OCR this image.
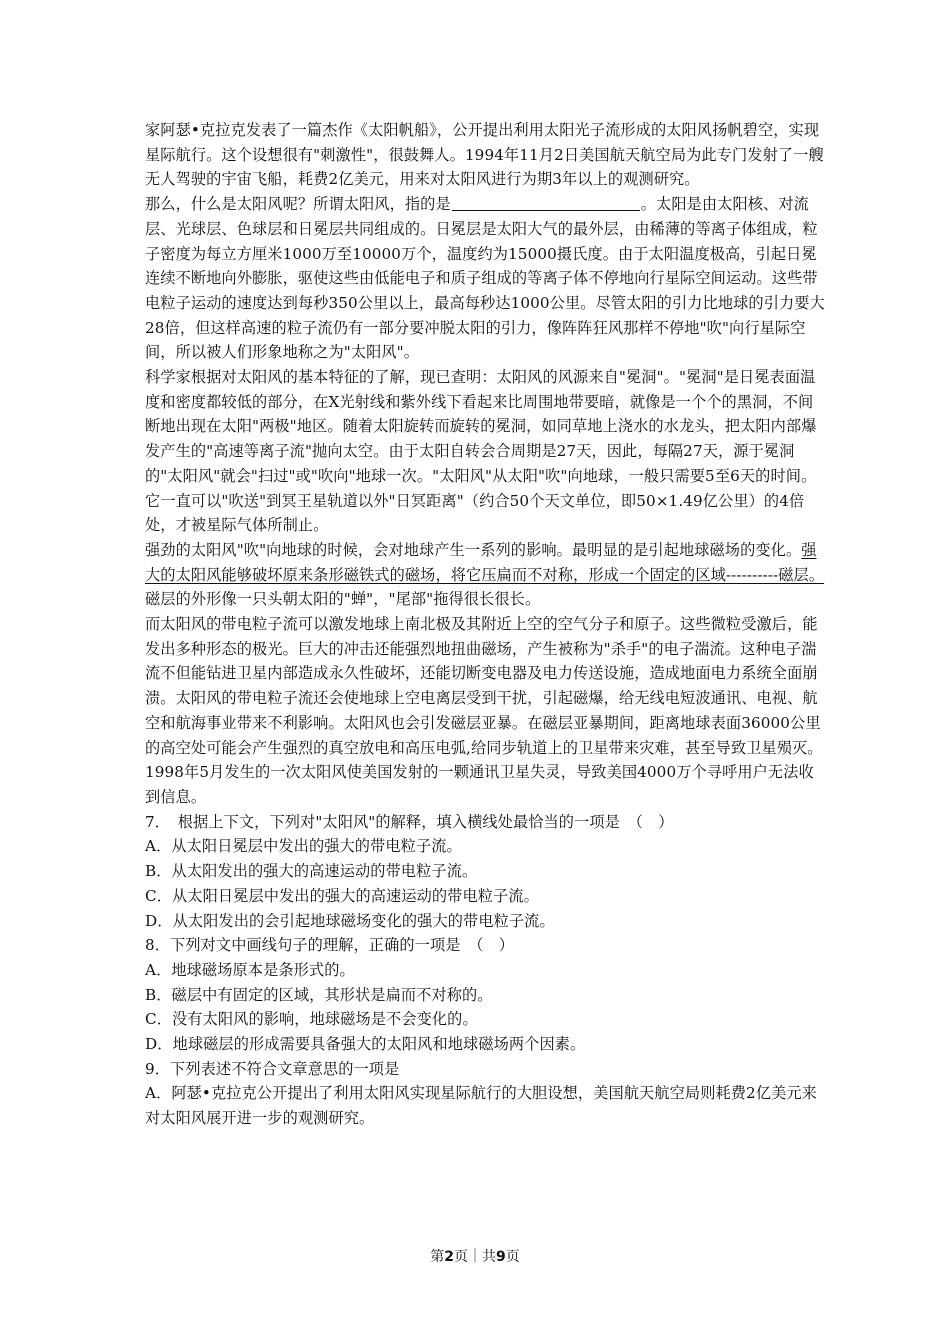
家阿瑟•克拉克发表了一篇杰作《太阳帆船》，公开提出利用太阳光子流形成的太阳风扬帆碧空，实现星际航行。这个设想很有"刺激性"，很鼓舞人。1994年11月2日美国航天航空局为此专门发射了一艘无人驾驶的宇宙飞船，耗费2亿美元，用来对太阳风进行为期3年以上的观测研究。

那么，什么是太阳风呢？所谓太阳风，指的是	。太阳是由太阳核、对流层、光球层、色球层和日冕层共同组成的。日冕层是太阳大气的最外层，由稀薄的等离子体组成，粒子密度为每立方厘米1000万至10000万个，温度约为15000摄氏度。由于太阳温度极高，引起日冕连续不断地向外膨胀，驱使这些由低能电子和质子组成的等离子体不停地向行星际空间运动。这些带电粒子运动的速度达到每秒350公里以上，最高每秒达1000公里。尽管太阳的引力比地球的引力要大28倍，但这样高速的粒子流仍有一部分要冲脱太阳的引力，像阵阵狂风那样不停地"吹"向行星际空间，所以被人们形象地称之为"太阳风"。

科学家根据对太阳风的基本特征的了解，现已查明：太阳风的风源来自"冕洞"。"冕洞"是日冕表面温度和密度都较低的部分，在X光射线和紫外线下看起来比周围地带要暗，就像是一个个的黑洞，不间断地出现在太阳"两极"地区。随着太阳旋转而旋转的冕洞，如同草地上浇水的水龙头，把太阳内部爆发产生的"高速等离子流"抛向太空。由于太阳自转会合周期是27天，因此，每隔27天，源于冕洞的"太阳风"就会"扫过"或"吹向"地球一次。"太阳风"从太阳"吹"向地球，一般只需要5至6天的时间。它一直可以"吹送"到冥王星轨道以外"日冥距离"（约合50个天文单位，即50×1.49亿公里）的4倍处，才被星际气体所制止。

强劲的太阳风"吹"向地球的时候，会对地球产生一系列的影响。最明显的是引起地球磁场的变化。强大的太阳风能够破坏原来条形磁铁式的磁场，将它压扁而不对称，形成一个固定的区域----------磁层。磁层的外形像一只头朝太阳的"蝉"，"尾部"拖得很长很长。

而太阳风的带电粒子流可以激发地球上南北极及其附近上空的空气分子和原子。这些微粒受激后，能发出多种形态的极光。巨大的冲击还能强烈地扭曲磁场，产生被称为"杀手"的电子湍流。这种电子湍流不但能钻进卫星内部造成永久性破坏，还能切断变电器及电力传送设施，造成地面电力系统全面崩溃。太阳风的带电粒子流还会使地球上空电离层受到干扰，引起磁爆，给无线电短波通讯、电视、航空和航海事业带来不利影响。太阳风也会引发磁层亚暴。在磁层亚暴期间，距离地球表面36000公里的高空处可能会产生强烈的真空放电和高压电弧,给同步轨道上的卫星带来灾难，甚至导致卫星殒灭。1998年5月发生的一次太阳风使美国发射的一颗通讯卫星失灵，导致美国4000万个寻呼用户无法收到信息。

7．　根据上下文，下列对"太阳风"的解释，填入横线处最恰当的一项是　（　）

A．从太阳日冕层中发出的强大的带电粒子流。

B．从太阳发出的强大的高速运动的带电粒子流。

C．从太阳日冕层中发出的强大的高速运动的带电粒子流。

D．从太阳发出的会引起地球磁场变化的强大的带电粒子流。

8．下列对文中画线句子的理解，正确的一项是　（　）

A．地球磁场原本是条形式的。

B．磁层中有固定的区域，其形状是扁而不对称的。

C．没有太阳风的影响，地球磁场是不会变化的。

D．地球磁层的形成需要具备强大的太阳风和地球磁场两个因素。

9．下列表述不符合文章意思的一项是

A．阿瑟•克拉克公开提出了利用太阳风实现星际航行的大胆设想，美国航天航空局则耗费2亿美元来对太阳风展开进一步的观测研究。

第2页｜共9页
